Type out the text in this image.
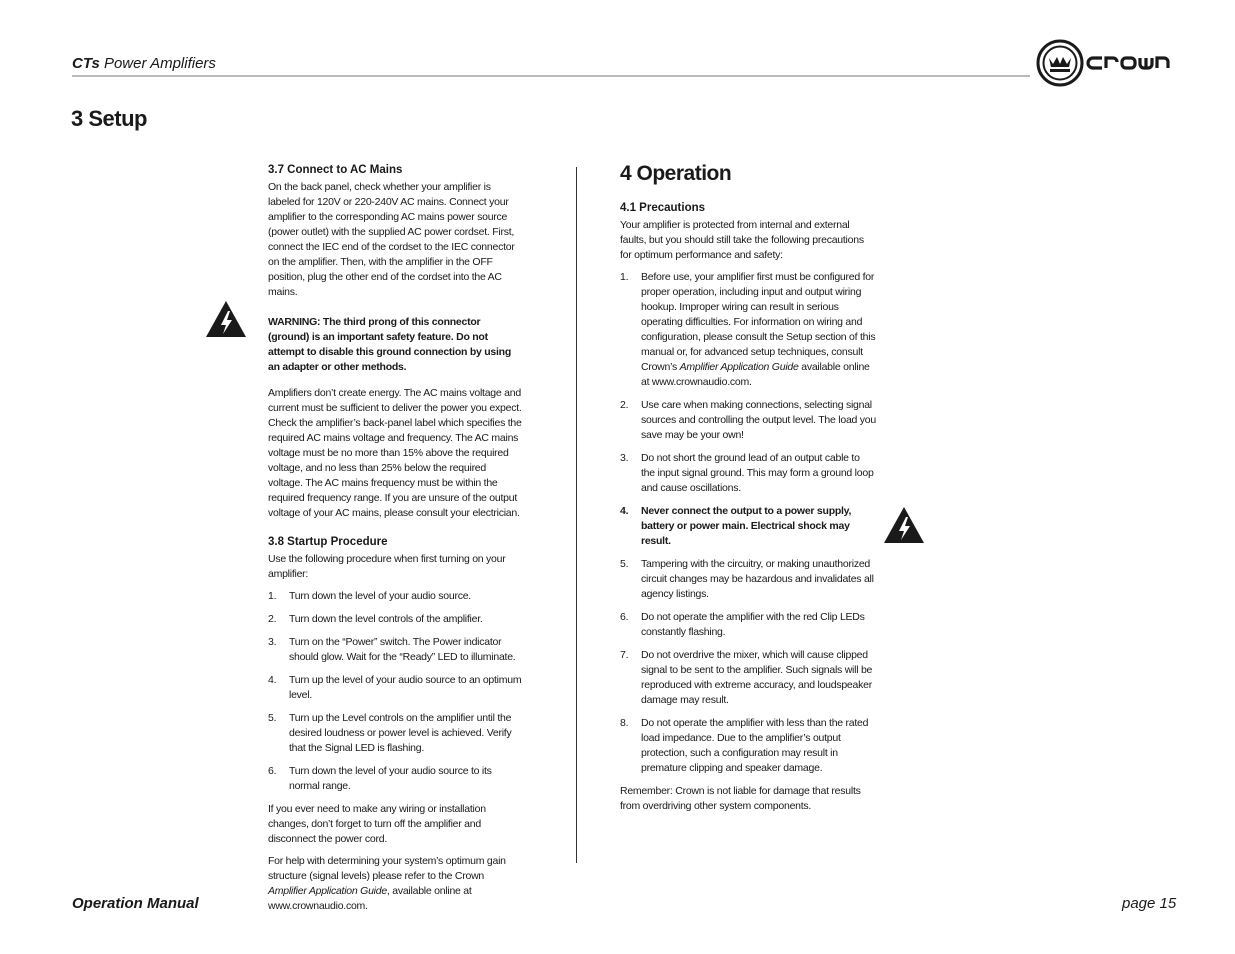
CTs Power Amplifiers
3 Setup
3.7 Connect to AC Mains

On the back panel, check whether your amplifier is labeled for 120V or 220-240V AC mains. Connect your amplifier to the corresponding AC mains power source (power outlet) with the supplied AC power cordset. First, connect the IEC end of the cordset to the IEC connector on the amplifier. Then, with the amplifier in the OFF position, plug the other end of the cordset into the AC mains.

WARNING: The third prong of this connector (ground) is an important safety feature. Do not attempt to disable this ground connection by using an adapter or other methods.

Amplifiers don’t create energy. The AC mains voltage and current must be sufficient to deliver the power you expect. Check the amplifier’s back-panel label which specifies the required AC mains voltage and frequency. The AC mains voltage must be no more than 15% above the required voltage, and no less than 25% below the required voltage. The AC mains frequency must be within the required frequency range. If you are unsure of the output voltage of your AC mains, please consult your electrician.

3.8 Startup Procedure

Use the following procedure when first turning on your amplifier:

1. Turn down the level of your audio source.
2. Turn down the level controls of the amplifier.
3. Turn on the “Power” switch. The Power indicator should glow. Wait for the “Ready” LED to illuminate.
4. Turn up the level of your audio source to an optimum level.
5. Turn up the Level controls on the amplifier until the desired loudness or power level is achieved. Verify that the Signal LED is flashing.
6. Turn down the level of your audio source to its normal range.

If you ever need to make any wiring or installation changes, don’t forget to turn off the amplifier and disconnect the power cord.

For help with determining your system’s optimum gain structure (signal levels) please refer to the Crown Amplifier Application Guide, available online at www.crownaudio.com.

4 Operation
4.1 Precautions

Your amplifier is protected from internal and external faults, but you should still take the following precautions for optimum performance and safety:

1. Before use, your amplifier first must be configured for proper operation, including input and output wiring hookup. Improper wiring can result in serious operating difficulties. For information on wiring and configuration, please consult the Setup section of this manual or, for advanced setup techniques, consult Crown’s Amplifier Application Guide available online at www.crownaudio.com.
2. Use care when making connections, selecting signal sources and controlling the output level. The load you save may be your own!
3. Do not short the ground lead of an output cable to the input signal ground. This may form a ground loop and cause oscillations.
4. Never connect the output to a power supply, battery or power main. Electrical shock may result.
5. Tampering with the circuitry, or making unauthorized circuit changes may be hazardous and invalidates all agency listings.
6. Do not operate the amplifier with the red Clip LEDs constantly flashing.
7. Do not overdrive the mixer, which will cause clipped signal to be sent to the amplifier. Such signals will be reproduced with extreme accuracy, and loudspeaker damage may result.
8. Do not operate the amplifier with less than the rated load impedance. Due to the amplifier’s output protection, such a configuration may result in premature clipping and speaker damage.

Remember: Crown is not liable for damage that results from overdriving other system components.

Operation Manual	page 15
